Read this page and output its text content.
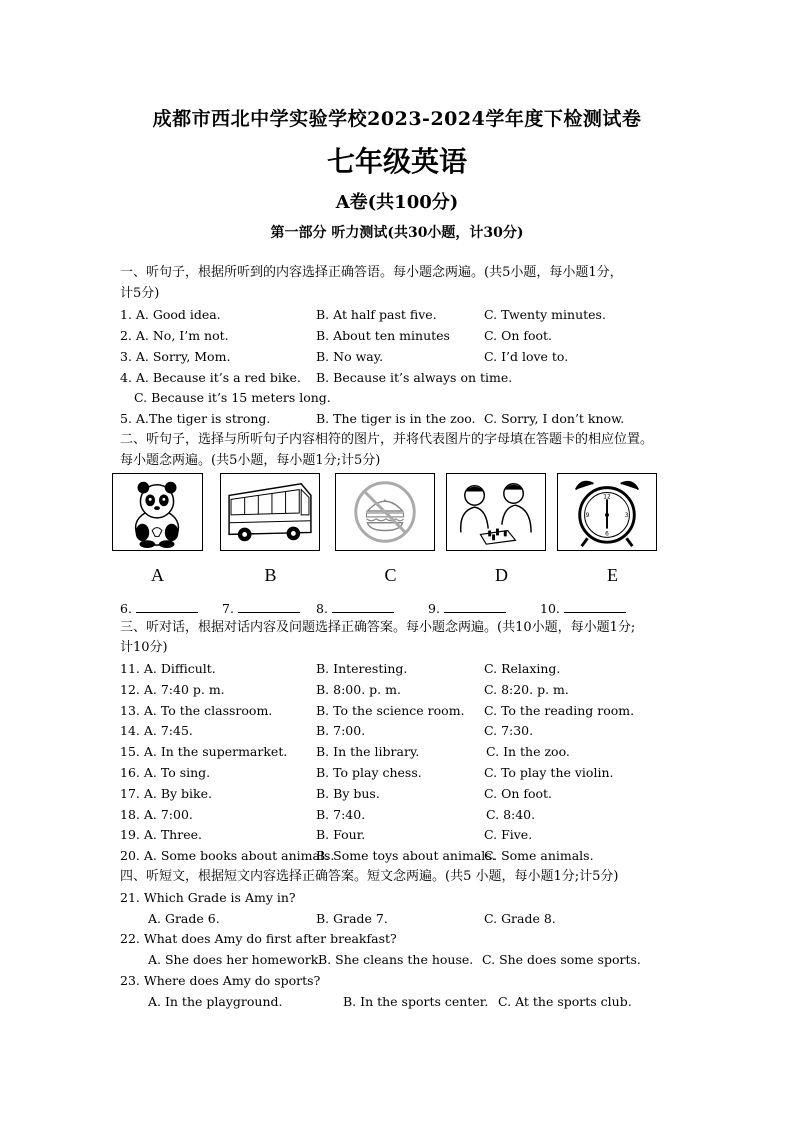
成都市西北中学实验学校2023-2024学年度下检测试卷
七年级英语
A卷(共100分)
第一部分 听力测试(共30小题，计30分)
一、听句子，根据所听到的内容选择正确答语。每小题念两遍。(共5小题，每小题1分，
计5分)
1. A. Good idea.	B. At half past five.	C. Twenty minutes.
2. A. No, I’m not.	B. About ten minutes	C. On foot.
3. A. Sorry, Mom.	B. No way.	C. I’d love to.
4. A. Because it’s a red bike. B. Because it’s always on time.
C. Because it’s 15 meters long.
5. A.The tiger is strong.	B. The tiger is in the zoo. C. Sorry, I don’t know.
二、听句子，选择与所听句子内容相符的图片，并将代表图片的字母填在答题卡的相应位置。
每小题念两遍。(共5小题，每小题1分;计5分)
A	B	C	D
12
3
6
9
E
6.	7.	8.	9.	10.
三、听对话，根据对话内容及问题选择正确答案。每小题念两遍。(共10小题，每小题1分;
计10分)
11. A. Difficult.	B. Interesting.	C. Relaxing.
12. A. 7:40 p. m.	B. 8:00. p. m.	C. 8:20. p. m.
13. A. To the classroom.	B. To the science room. C. To the reading room.
14. A. 7:45.	B. 7:00.	C. 7:30.
15. A. In the supermarket. B. In the library.	C. In the zoo.
16. A. To sing.	B. To play chess.	C. To play the violin.
17. A. By bike.	B. By bus.	C. On foot.
18. A. 7:00.	B. 7:40.	C. 8:40.
19. A. Three.	B. Four.	C. Five.
20. A. Some books about animals.
B. Some toys about animals.
C. Some animals.
四、听短文，根据短文内容选择正确答案。短文念两遍。(共5 小题，每小题1分;计5分)
21. Which Grade is Amy in?
A. Grade 6.	B. Grade 7.	C. Grade 8.
22. What does Amy do first after breakfast?
A. She does her homework.
B. She cleans the house. C. She does some sports.
23. Where does Amy do sports?
A. In the playground.	B. In the sports center. C. At the sports club.
